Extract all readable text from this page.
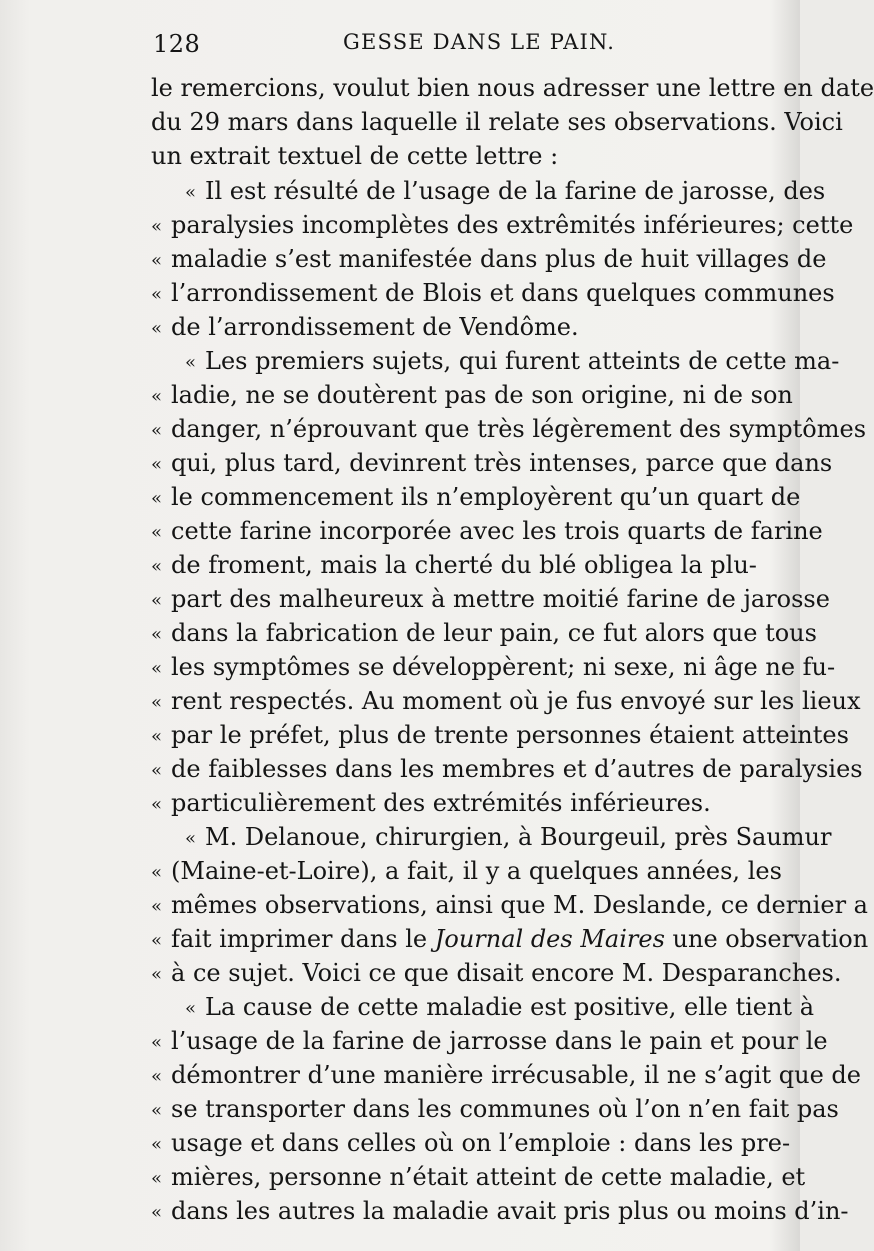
128	GESSE DANS LE PAIN.
le remercions, voulut bien nous adresser une lettre en date
du 29 mars dans laquelle il relate ses observations. Voici
un extrait textuel de cette lettre :
« Il est résulté de l’usage de la farine de jarosse, des
« paralysies incomplètes des extrêmités inférieures; cette
« maladie s’est manifestée dans plus de huit villages de
« l’arrondissement de Blois et dans quelques communes
« de l’arrondissement de Vendôme.
« Les premiers sujets, qui furent atteints de cette ma-
« ladie, ne se doutèrent pas de son origine, ni de son
« danger, n’éprouvant que très légèrement des symptômes
« qui, plus tard, devinrent très intenses, parce que dans
« le commencement ils n’employèrent qu’un quart de
« cette farine incorporée avec les trois quarts de farine
« de froment, mais la cherté du blé obligea la plu-
« part des malheureux à mettre moitié farine de jarosse
« dans la fabrication de leur pain, ce fut alors que tous
« les symptômes se développèrent; ni sexe, ni âge ne fu-
« rent respectés. Au moment où je fus envoyé sur les lieux
« par le préfet, plus de trente personnes étaient atteintes
« de faiblesses dans les membres et d’autres de paralysies
« particulièrement des extrémités inférieures.
« M. Delanoue, chirurgien, à Bourgeuil, près Saumur
« (Maine-et-Loire), a fait, il y a quelques années, les
« mêmes observations, ainsi que M. Deslande, ce dernier a
« fait imprimer dans le Journal des Maires une observation
« à ce sujet. Voici ce que disait encore M. Desparanches.
« La cause de cette maladie est positive, elle tient à
« l’usage de la farine de jarrosse dans le pain et pour le
« démontrer d’une manière irrécusable, il ne s’agit que de
« se transporter dans les communes où l’on n’en fait pas
« usage et dans celles où on l’emploie : dans les pre-
« mières, personne n’était atteint de cette maladie, et
« dans les autres la maladie avait pris plus ou moins d’in-
